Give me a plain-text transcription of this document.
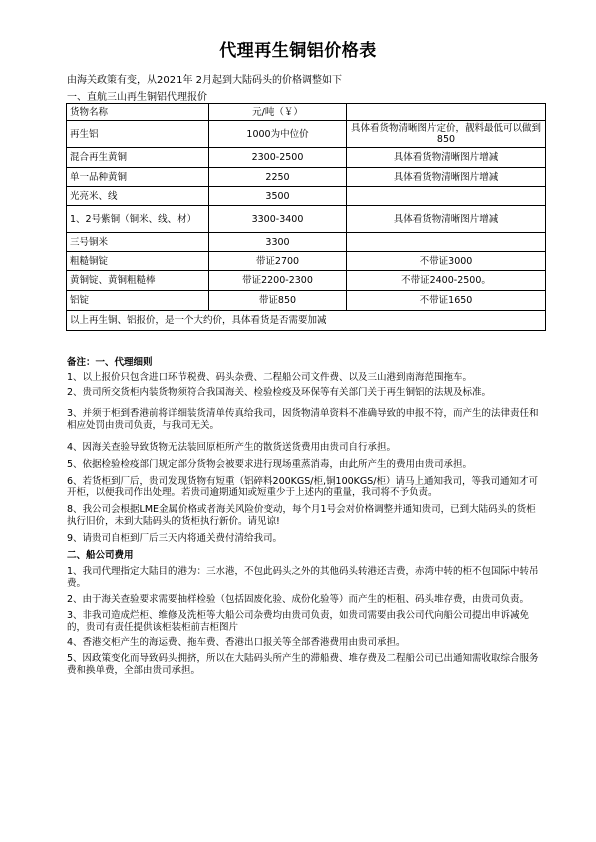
代理再生铜铝价格表
由海关政策有变，从2021年 2月起到大陆码头的价格调整如下
一、直航三山再生铜铝代理报价
货物名称	元/吨（￥）	
再生铝	1000为中位价	具体看货物清晰图片定价，靓料最低可以做到850
混合再生黄铜	2300-2500	具体看货物清晰图片增减
单一品种黄铜	2250	具体看货物清晰图片增减
光亮米、线	3500	
1、2号紫铜（铜米、线、材）	3300-3400	具体看货物清晰图片增减
三号铜米	3300	
粗糙铜锭	带证2700	不带证3000
黄铜锭、黄铜粗糙棒	带证2200-2300	不带证2400-2500。
铝锭	带证850	不带证1650
以上再生铜、铝报价，是一个大约价，具体看货是否需要加减		

备注：一、代理细则

1、以上报价只包含进口环节税费、码头杂费、二程船公司文件费、以及三山港到南海范围拖车。

2、贵司所交货柜内装货物须符合我国海关、检验检疫及环保等有关部门关于再生铜铝的法规及标准。

3、并须于柜到香港前将详细装货清单传真给我司，因货物清单资料不准确导致的申报不符，而产生的法律责任和相应处罚由贵司负责，与我司无关。

4、因海关查验导致货物无法装回原柜所产生的散货送货费用由贵司自行承担。

5、依据检验检疫部门规定部分货物会被要求进行现场重蒸消毒，由此所产生的费用由贵司承担。

6、若货柜到厂后，贵司发现货物有短重（铝碎料200KGS/柜,铜100KGS/柜）请马上通知我司，等我司通知才可开柜，以便我司作出处理。若贵司逾期通知或短重少于上述内的重量，我司将不予负责。

8、我公司会根据LME金属价格或者海关风险价变动，每个月1号会对价格调整并通知贵司，已到大陆码头的货柜执行旧价，未到大陆码头的货柜执行新价。请见谅!

9、请贵司自柜到厂后三天内将通关费付清给我司。

二、船公司费用

1、我司代理指定大陆目的港为：三水港，不包此码头之外的其他码头转港还吉费，赤湾中转的柜不包国际中转吊费。

2、由于海关查验要求需要抽样检验（包括固废化验、成份化验等）而产生的柜租、码头堆存费，由贵司负责。

3、非我司造成烂柜、维修及洗柜等大船公司杂费均由贵司负责，如贵司需要由我公司代向船公司提出申诉减免的，贵司有责任提供该柜装柜前吉柜图片

4、香港交柜产生的海运费、拖车费、香港出口报关等全部香港费用由贵司承担。

5、因政策变化而导致码头拥挤，所以在大陆码头所产生的滞船费、堆存费及二程船公司已出通知需收取综合服务费和换单费，全部由贵司承担。
